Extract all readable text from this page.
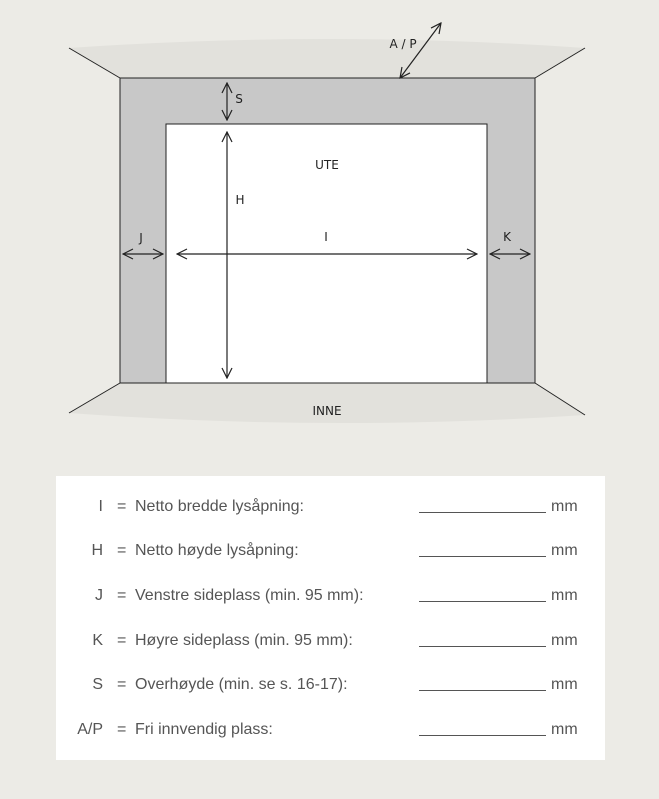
A / P
S
UTE
H
I
J	K
INNE
I = Netto bredde lysåpning:	mm
H = Netto høyde lysåpning:	mm
J = Venstre sideplass (min. 95 mm):	mm
K = Høyre sideplass (min. 95 mm):	mm
S = Overhøyde (min. se s. 16-17):	mm
A/P = Fri innvendig plass:	mm
